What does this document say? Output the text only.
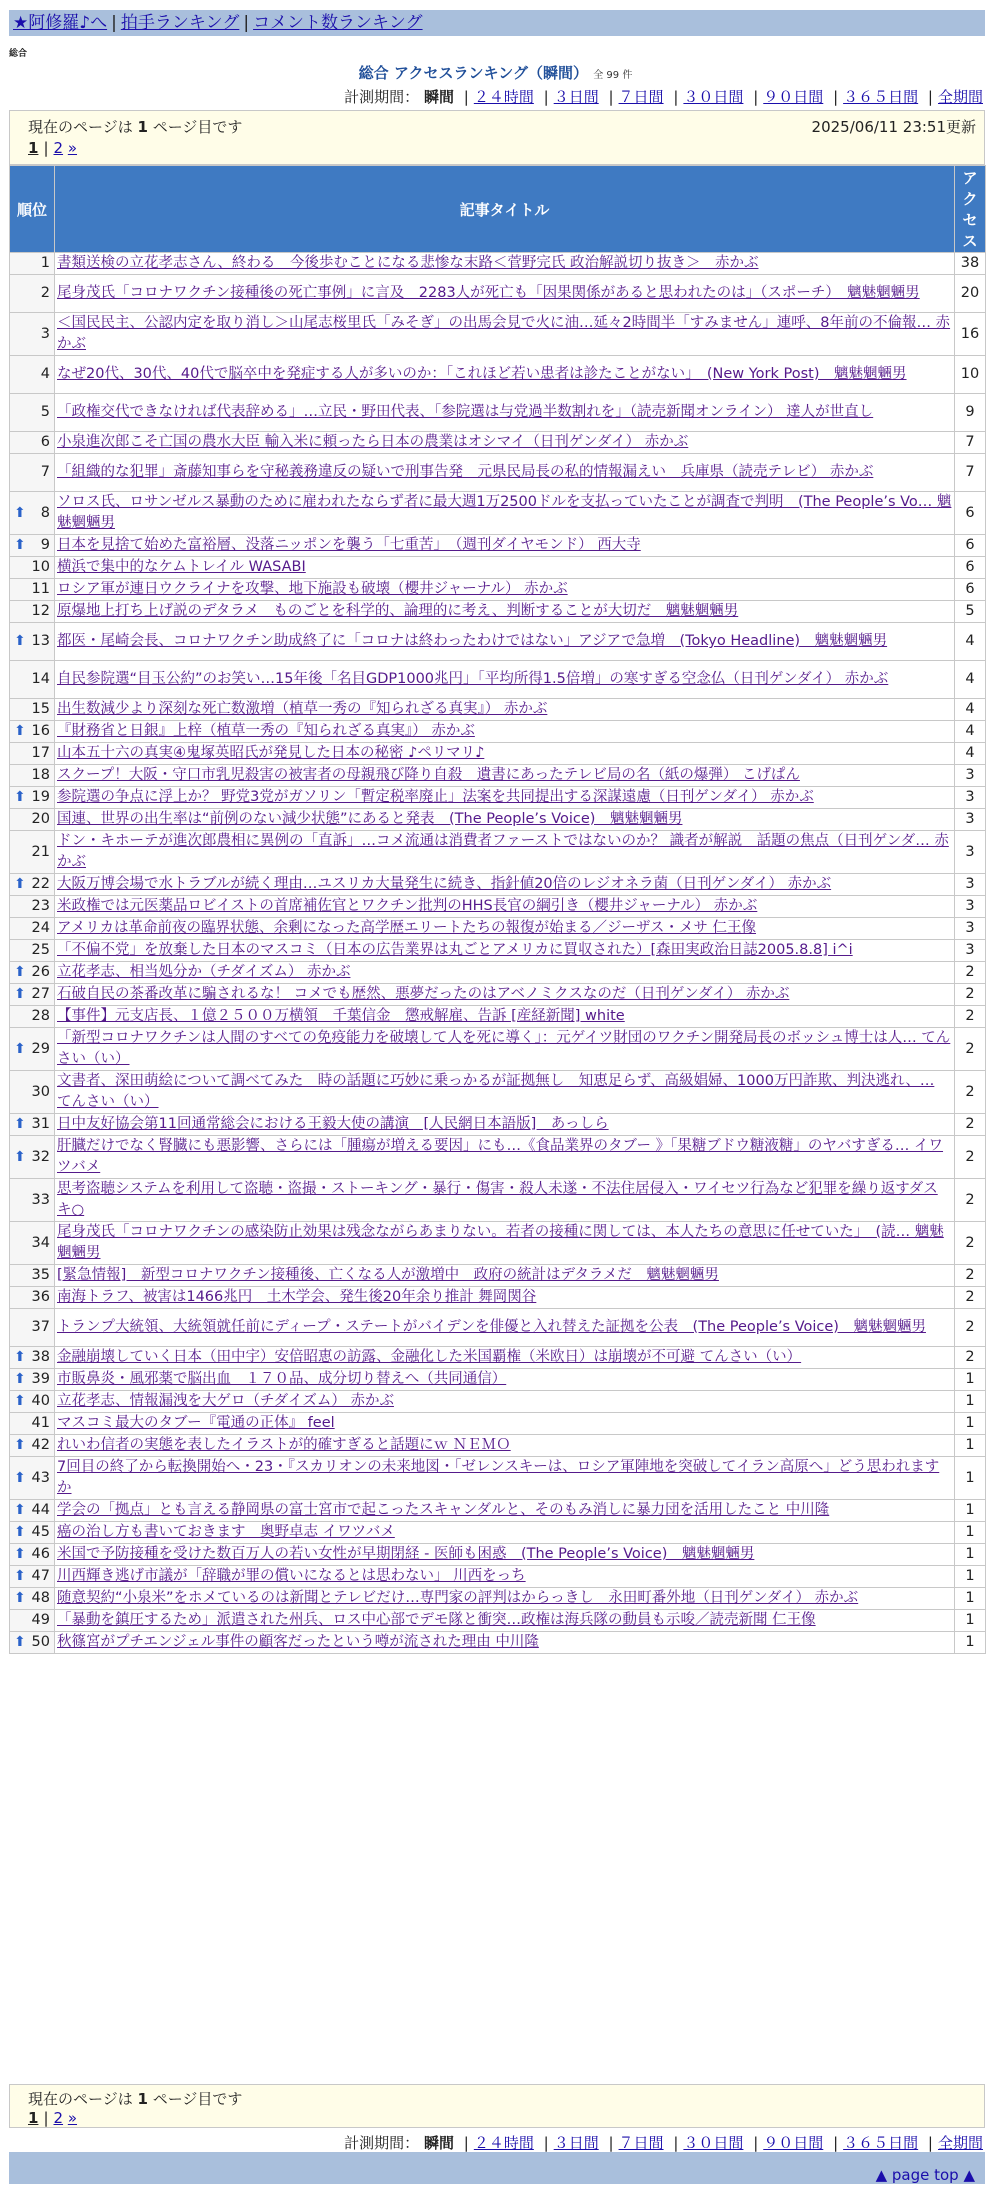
★阿修羅♪へ | 拍手ランキング | コメント数ランキング
総合
総合 アクセスランキング（瞬間） 全 99 件
計測期間： 瞬間 | ２４時間 | ３日間 | ７日間 | ３０日間 | ９０日間 | ３６５日間 | 全期間
現在のページは 1 ページ目です	2025/06/11 23:51更新
1 | 2 »
順位	記事タイトル	アクセス
1	書類送検の立花孝志さん、終わる　今後歩むことになる悲惨な末路＜菅野完氏 政治解説切り抜き＞　赤かぶ	38
2	尾身茂氏「コロナワクチン接種後の死亡事例」に言及　2283人が死亡も「因果関係があると思われたのは」（スポーチ）　魑魅魍魎男	20
3	＜国民民主、公認内定を取り消し＞山尾志桜里氏「みそぎ」の出馬会見で火に油…延々2時間半「すみません」連呼、8年前の不倫報… 赤かぶ	16
4	なぜ20代、30代、40代で脳卒中を発症する人が多いのか：「これほど若い患者は診たことがない」　(New York Post)　魑魅魍魎男	10
5	「政権交代できなければ代表辞める」…立民・野田代表、「参院選は与党過半数割れを」（読売新聞オンライン） 達人が世直し	9
6	小泉進次郎こそ亡国の農水大臣 輸入米に頼ったら日本の農業はオシマイ（日刊ゲンダイ） 赤かぶ	7
7	「組織的な犯罪」斎藤知事らを守秘義務違反の疑いで刑事告発　元県民局長の私的情報漏えい　兵庫県（読売テレビ） 赤かぶ	7

⬆ 8	ソロス氏、ロサンゼルス暴動のために雇われたならず者に最大週1万2500ドルを支払っていたことが調査で判明　(The People’s Vo… 魑魅魍魎男	6

⬆ 9	日本を見捨て始めた富裕層、没落ニッポンを襲う「七重苦」　（週刊ダイヤモンド） 西大寺	6
10	横浜で集中的なケムトレイル WASABI	6
11	ロシア軍が連日ウクライナを攻撃、地下施設も破壊（櫻井ジャーナル） 赤かぶ	6
12	原爆地上打ち上げ説のデタラメ　ものごとを科学的、論理的に考え、判断することが大切だ　魑魅魍魎男	5

⬆ 13	都医・尾崎会長、コロナワクチン助成終了に「コロナは終わったわけではない」アジアで急増　(Tokyo Headline)　魑魅魍魎男	4
14	自民参院選“目玉公約”のお笑い…15年後「名目GDP1000兆円」「平均所得1.5倍増」の寒すぎる空念仏（日刊ゲンダイ） 赤かぶ	4
15	出生数減少より深刻な死亡数激増（植草一秀の『知られざる真実』） 赤かぶ	4

⬆ 16	『財務省と日銀』上梓（植草一秀の『知られざる真実』） 赤かぶ	4
17	山本五十六の真実④鬼塚英昭氏が発見した日本の秘密 ♪ペリマリ♪	4
18	スクープ！大阪・守口市乳児殺害の被害者の母親飛び降り自殺　遺書にあったテレビ局の名（紙の爆弾） こげぱん	3

⬆ 19	参院選の争点に浮上か？ 野党3党がガソリン「暫定税率廃止」法案を共同提出する深謀遠慮（日刊ゲンダイ） 赤かぶ	3
20	国連、世界の出生率は“前例のない減少状態”にあると発表　(The People’s Voice)　魑魅魍魎男	3
21	ドン・キホーテが進次郎農相に異例の「直訴」…コメ流通は消費者ファーストではないのか？ 識者が解説　話題の焦点（日刊ゲンダ… 赤かぶ	3

⬆ 22	大阪万博会場で水トラブルが続く理由…ユスリカ大量発生に続き、指針値20倍のレジオネラ菌（日刊ゲンダイ） 赤かぶ	3
23	米政権では元医薬品ロビイストの首席補佐官とワクチン批判のHHS長官の綱引き（櫻井ジャーナル） 赤かぶ	3
24	アメリカは革命前夜の臨界状態、余剰になった高学歴エリートたちの報復が始まる／ジーザス・メサ 仁王像	3
25	「不偏不党」を放棄した日本のマスコミ（日本の広告業界は丸ごとアメリカに買収された）[森田実政治日誌2005.8.8] i^i	3

⬆ 26	立花孝志、相当処分か（チダイズム） 赤かぶ	2

⬆ 27	石破自民の茶番改革に騙されるな！ コメでも歴然、悪夢だったのはアベノミクスなのだ（日刊ゲンダイ） 赤かぶ	2
28	【事件】元支店長、１億２５００万横領　千葉信金　懲戒解雇、告訴 [産経新聞] white	2

⬆ 29	「新型コロナワクチンは人間のすべての免疫能力を破壊して人を死に導く」：元ゲイツ財団のワクチン開発局長のボッシュ博士は人… てんさい（い）	2
30	文書者、深田萌絵について調べてみた　時の話題に巧妙に乗っかるが証拠無し　知恵足らず、高級娼婦、1000万円詐欺、判決逃れ、… てんさい（い）	2

⬆ 31	日中友好協会第11回通常総会における王毅大使の講演　[人民網日本語版]　あっしら	2

⬆ 32	肝臓だけでなく腎臓にも悪影響、さらには「腫瘍が増える要因」にも…《食品業界のタブー 》「果糖ブドウ糖液糖」のヤバすぎる… イワツバメ	2
33	思考盗聴システムを利用して盗聴・盗撮・ストーキング・暴行・傷害・殺人未遂・不法住居侵入・ワイセツ行為など犯罪を繰り返すダスキ○	2
34	尾身茂氏「コロナワクチンの感染防止効果は残念ながらあまりない。若者の接種に関しては、本人たちの意思に任せていた」　(読… 魑魅魍魎男	2
35	[緊急情報]　新型コロナワクチン接種後、亡くなる人が激増中　政府の統計はデタラメだ　魑魅魍魎男	2
36	南海トラフ、被害は1466兆円　土木学会、発生後20年余り推計 舞岡関谷	2
37	トランプ大統領、大統領就任前にディープ・ステートがバイデンを俳優と入れ替えた証拠を公表　(The People’s Voice)　魑魅魍魎男	2

⬆ 38	金融崩壊していく日本（田中宇）安倍昭恵の訪露、金融化した米国覇権（米欧日）は崩壊が不可避 てんさい（い）	2

⬆ 39	市販鼻炎・風邪薬で脳出血　１７０品、成分切り替えへ（共同通信）	1

⬆ 40	立花孝志、情報漏洩を大ゲロ（チダイズム） 赤かぶ	1
41	マスコミ最大のタブー『電通の正体』 feel	1

⬆ 42	れいわ信者の実態を表したイラストが的確すぎると話題にｗ ＮＥＭＯ	1

⬆ 43	7回目の終了から転換開始へ・23・『スカリオンの未来地図・「ゼレンスキーは、ロシア軍陣地を突破してイラン高原へ」どう思われますか	1

⬆ 44	学会の「拠点」とも言える静岡県の富士宮市で起こったスキャンダルと、そのもみ消しに暴力団を活用したこと 中川隆	1

⬆ 45	癌の治し方も書いておきます　奥野卓志 イワツバメ	1

⬆ 46	米国で予防接種を受けた数百万人の若い女性が早期閉経 - 医師も困惑　(The People’s Voice)　魑魅魍魎男	1

⬆ 47	川西輝き逃げ市議が「辞職が罪の償いになるとは思わない」 川西をっち	1

⬆ 48	随意契約“小泉米”をホメているのは新聞とテレビだけ…専門家の評判はからっきし　永田町番外地（日刊ゲンダイ） 赤かぶ	1
49	「暴動を鎮圧するため」派遣された州兵、ロス中心部でデモ隊と衝突…政権は海兵隊の動員も示唆／読売新聞 仁王像	1

⬆ 50	秋篠宮がプチエンジェル事件の顧客だったという噂が流された理由 中川隆	1
現在のページは 1 ページ目です
1 | 2 »
計測期間： 瞬間 | ２４時間 | ３日間 | ７日間 | ３０日間 | ９０日間 | ３６５日間 | 全期間
▲ page top ▲
